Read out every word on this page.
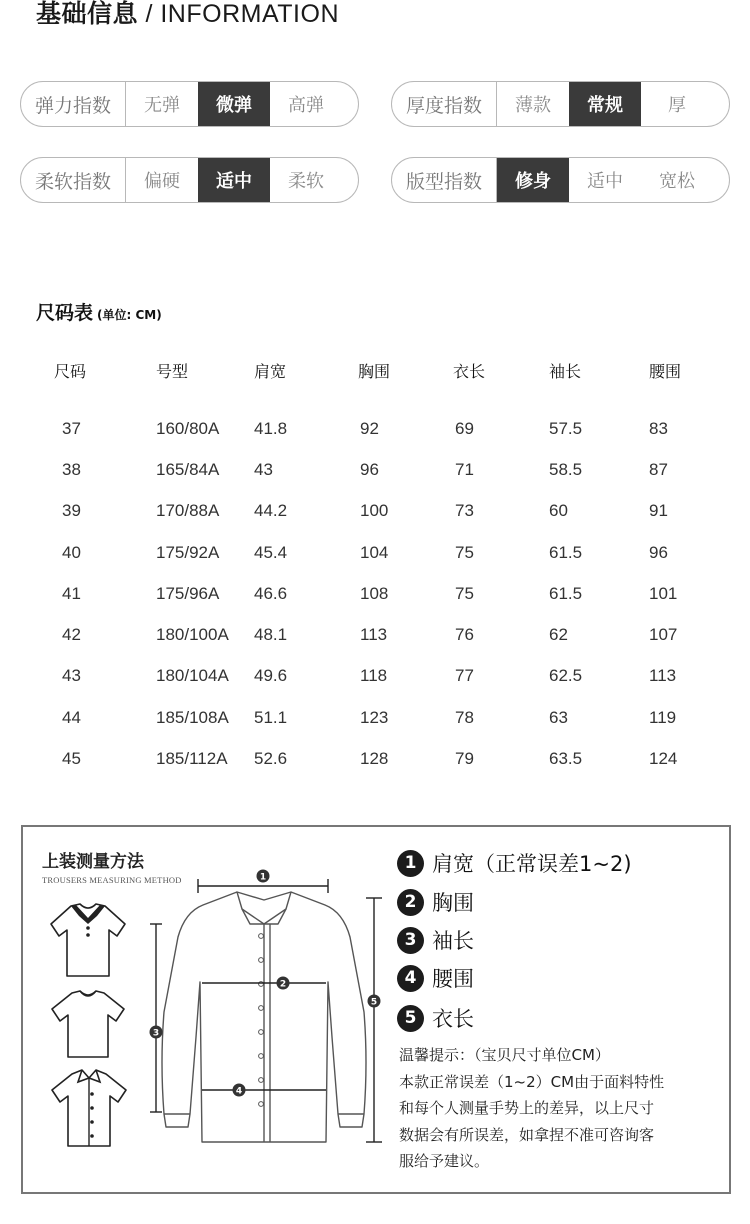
基础信息 / INFORMATION
弹力指数	无弹	微弹	高弹	厚度指数	薄款	常规	厚
柔软指数	偏硬	适中	柔软	版型指数	修身	适中	宽松
尺码表 (单位: CM)
尺码	号型	肩宽	胸围	衣长	袖长	腰围

37	160/80A	41.8	92	69	57.5	83
38	165/84A	43	96	71	58.5	87
39	170/88A	44.2	100	73	60	91
40	175/92A	45.4	104	75	61.5	96
41	175/96A	46.6	108	75	61.5	101
42	180/100A	48.1	113	76	62	107
43	180/104A	49.6	118	77	62.5	113
44	185/108A	51.1	123	78	63	119
45	185/112A	52.6	128	79	63.5	124
上装测量方法
TROUSERS MEASURING METHOD	1
2
3
4
5
1 肩宽（正常误差1~2)
2 胸围
3 袖长
4 腰围
5 衣长
温馨提示：（宝贝尺寸单位CM）
本款正常误差（1~2）CM由于面料特性
和每个人测量手势上的差异，以上尺寸
数据会有所误差，如拿捏不准可咨询客
服给予建议。
